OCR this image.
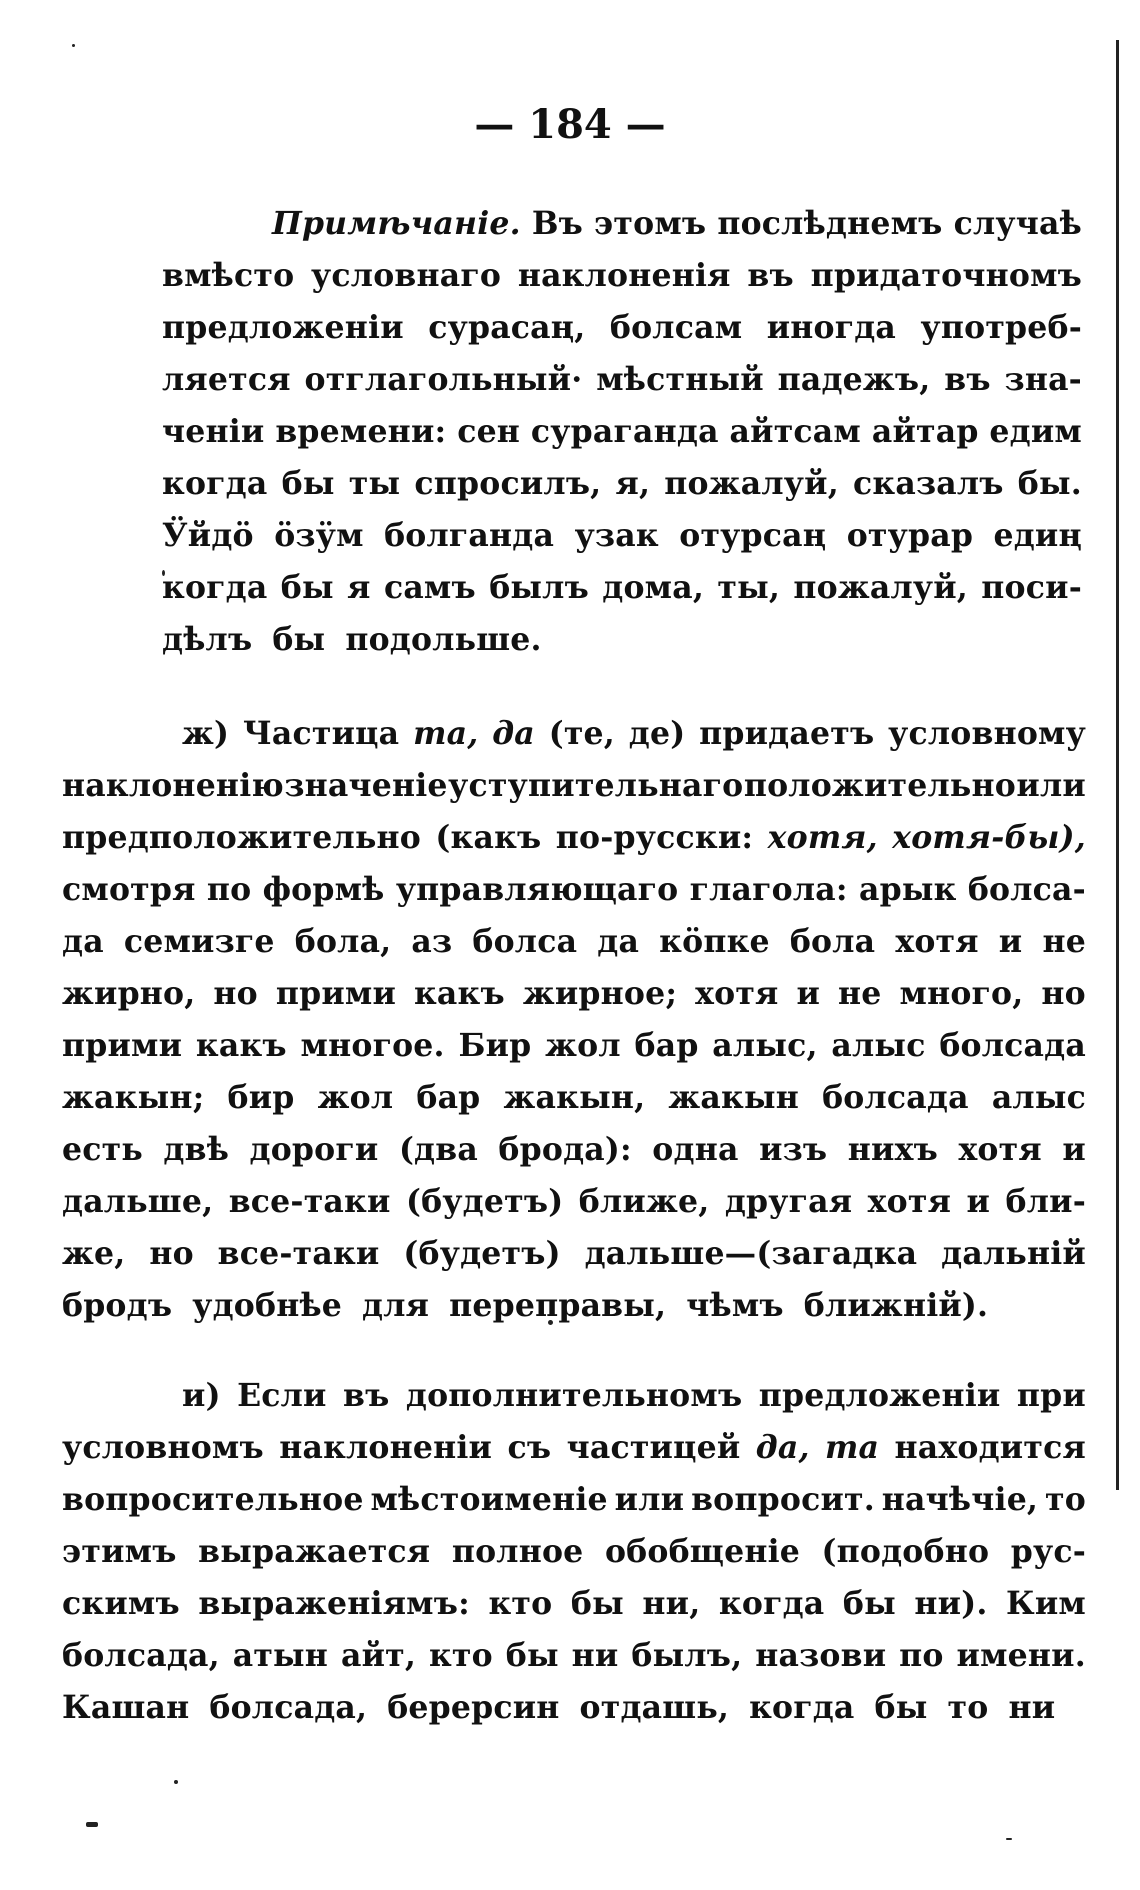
— 184 —
Примѣчаніе. Въ этомъ послѣднемъ случаѣ
вмѣсто условнаго наклоненія въ придаточномъ
предложеніи сурасаң, болсам иногда употреб-
ляется отглагольный· мѣстный падежъ, въ зна-
ченіи времени: сен сураганда айтсам айтар едим
когда бы ты спросилъ, я, пожалуй, сказалъ бы.
Ӱйдӧ ӧзӱм болганда узак отурсаң отурар едиң
когда бы я самъ былъ дома, ты, пожалуй, поси-
дѣлъ бы подольше.
ж) Частица та, да (те, де) придаетъ условному
наклоненію значеніе уступительнаго положительно или
предположительно (какъ по-русски: хотя, хотя-бы),
смотря по формѣ управляющаго глагола: арык болса-
да семизге бола, аз болса да кӧпке бола хотя и не
жирно, но прими какъ жирное; хотя и не много, но
прими какъ многое. Бир жол бар алыс, алыс болсада
жакын; бир жол бар жакын, жакын болсада алыс
есть двѣ дороги (два брода): одна изъ нихъ хотя и
дальше, все-таки (будетъ) ближе, другая хотя и бли-
же, но все-таки (будетъ) дальше—(загадка дальній
бродъ удобнѣе для переправы, чѣмъ ближній).
и) Если въ дополнительномъ предложеніи при
условномъ наклоненіи съ частицей да, та находится
вопросительное мѣстоименіе или вопросит. начѣчіе, то
этимъ выражается полное обобщеніе (подобно рус-
скимъ выраженіямъ: кто бы ни, когда бы ни). Ким
болсада, атын айт, кто бы ни былъ, назови по имени.
Кашан болсада, берерсин отдашь, когда бы то ни
